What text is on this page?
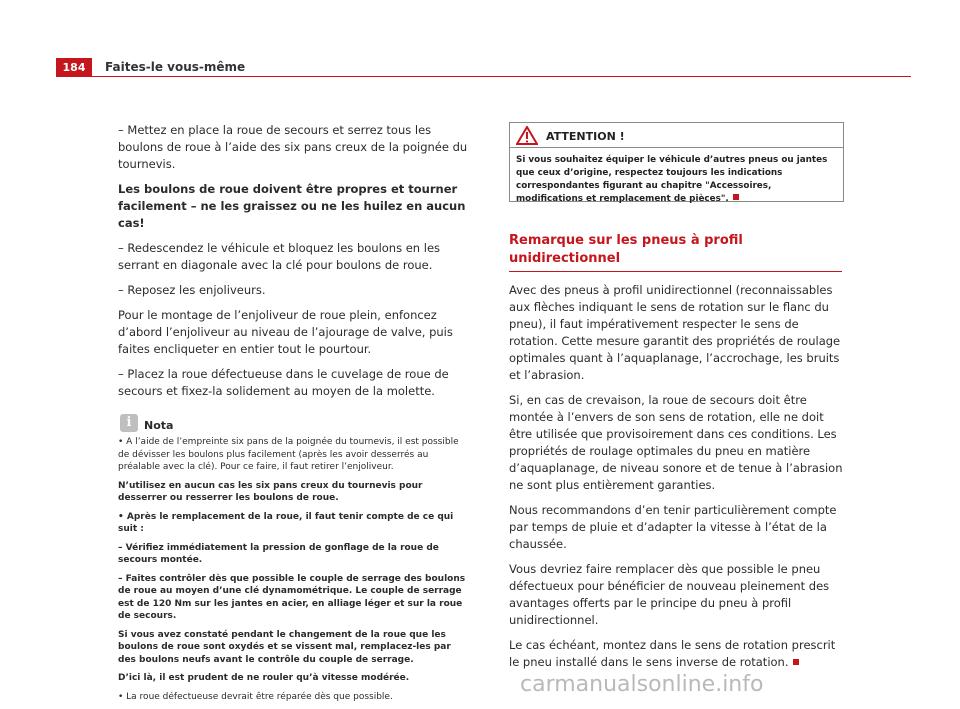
184	Faites-le vous-même

– Mettez en place la roue de secours et serrez tous les boulons de roue à l’aide des six pans creux de la poignée du tournevis.

Les boulons de roue doivent être propres et tourner facilement – ne les graissez ou ne les huilez en aucun cas!

– Redescendez le véhicule et bloquez les boulons en les serrant en diagonale avec la clé pour boulons de roue.

– Reposez les enjoliveurs.

Pour le montage de l’enjoliveur de roue plein, enfoncez d’abord l’enjoliveur au niveau de l’ajourage de valve, puis faites encliqueter en entier tout le pourtour.

– Placez la roue défectueuse dans le cuvelage de roue de secours et fixez-la solidement au moyen de la molette.

i	Nota

• A l’aide de l’empreinte six pans de la poignée du tournevis, il est possible de dévisser les boulons plus facilement (après les avoir desserrés au préalable avec la clé). Pour ce faire, il faut retirer l’enjoliveur.

N’utilisez en aucun cas les six pans creux du tournevis pour desserrer ou resserrer les boulons de roue.

• Après le remplacement de la roue, il faut tenir compte de ce qui suit :

– Vérifiez immédiatement la pression de gonflage de la roue de secours montée.

– Faites contrôler dès que possible le couple de serrage des boulons de roue au moyen d’une clé dynamométrique. Le couple de serrage est de 120 Nm sur les jantes en acier, en alliage léger et sur la roue de secours.

Si vous avez constaté pendant le changement de la roue que les boulons de roue sont oxydés et se vissent mal, remplacez-les par des boulons neufs avant le contrôle du couple de serrage.

D’ici là, il est prudent de ne rouler qu’à vitesse modérée.

• La roue défectueuse devrait être réparée dès que possible.

ATTENTION !
Si vous souhaitez équiper le véhicule d’autres pneus ou jantes que ceux d’origine, respectez toujours les indications correspondantes figurant au chapitre "Accessoires, modifications et remplacement de pièces".
Remarque sur les pneus à profil unidirectionnel

Avec des pneus à profil unidirectionnel (reconnaissables aux flèches indiquant le sens de rotation sur le flanc du pneu), il faut impérativement respecter le sens de rotation. Cette mesure garantit des propriétés de roulage optimales quant à l’aquaplanage, l’accrochage, les bruits et l’abrasion.

Si, en cas de crevaison, la roue de secours doit être montée à l’envers de son sens de rotation, elle ne doit être utilisée que provisoirement dans ces conditions. Les propriétés de roulage optimales du pneu en matière d’aquaplanage, de niveau sonore et de tenue à l’abrasion ne sont plus entièrement garanties.

Nous recommandons d’en tenir particulièrement compte par temps de pluie et d’adapter la vitesse à l’état de la chaussée.

Vous devriez faire remplacer dès que possible le pneu défectueux pour bénéficier de nouveau pleinement des avantages offerts par le principe du pneu à profil unidirectionnel.

Le cas échéant, montez dans le sens de rotation prescrit le pneu installé dans le sens inverse de rotation.

carmanualsonline.info
